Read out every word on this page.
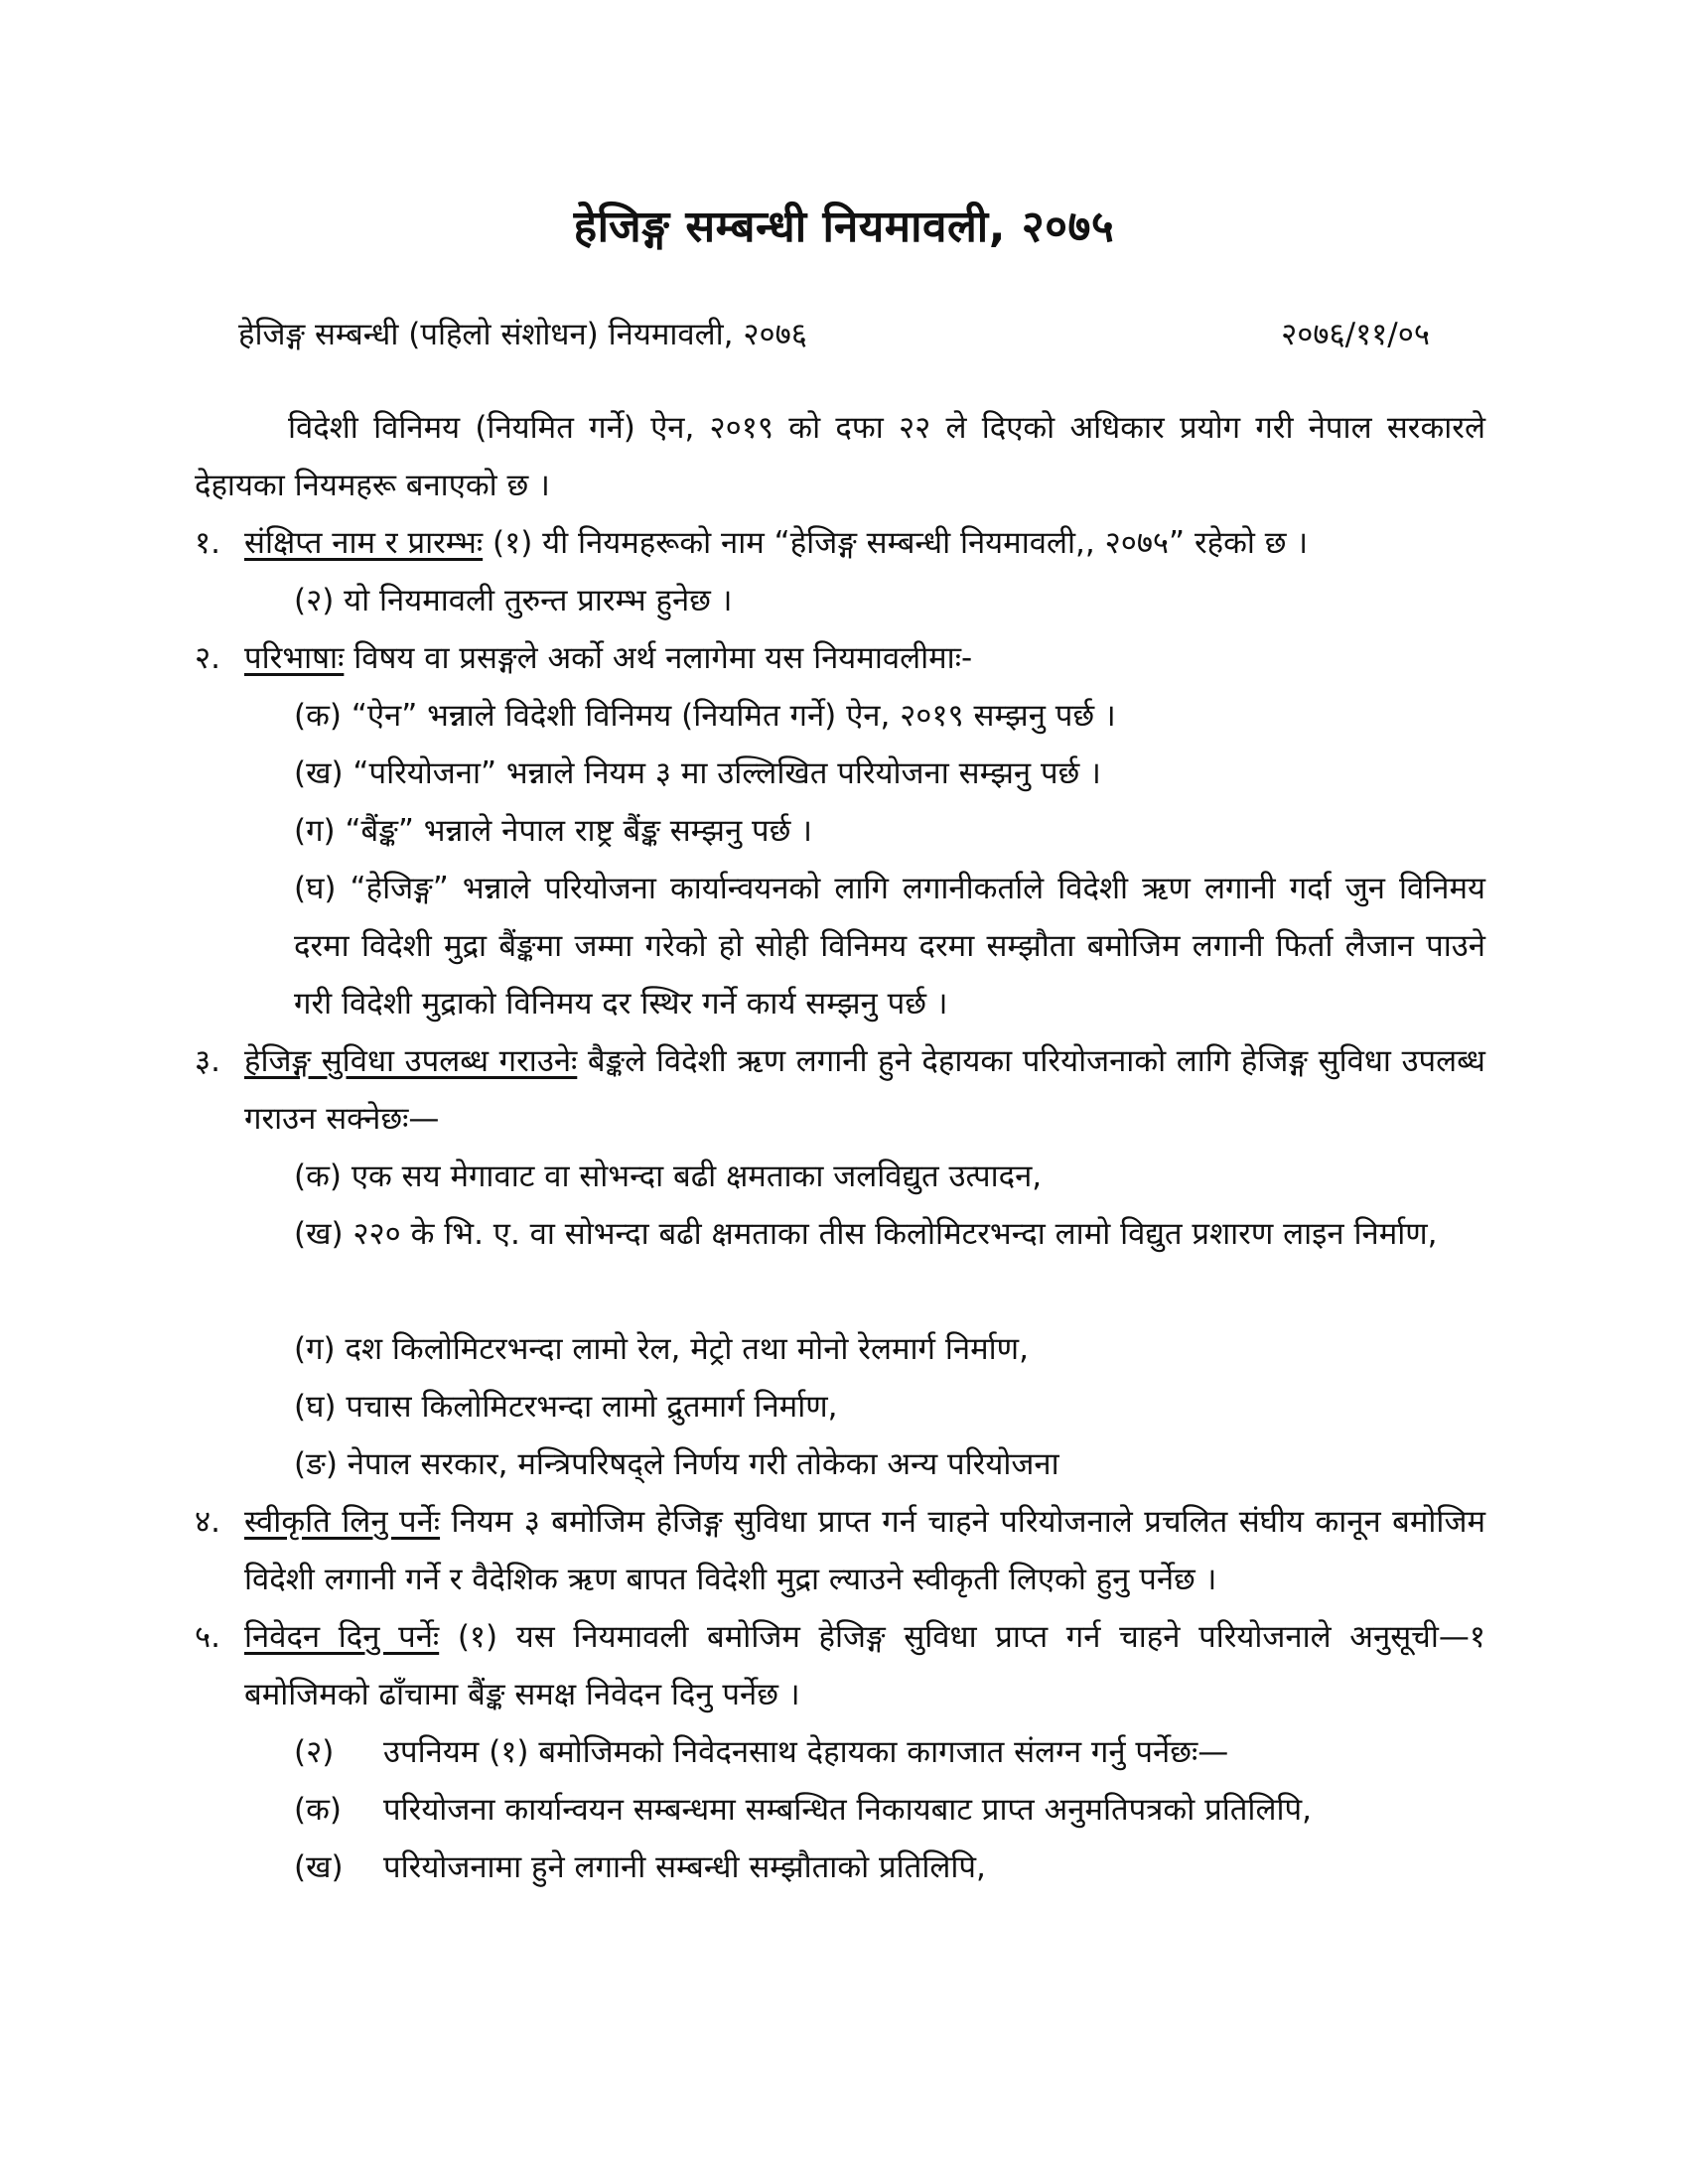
हेजिङ्ग सम्बन्धी नियमावली, २०७५
हेजिङ्ग सम्बन्धी (पहिलो संशोधन) नियमावली, २०७६	२०७६/११/०५
विदेशी विनिमय (नियमित गर्ने) ऐन, २०१९ को दफा २२ ले दिएको अधिकार प्रयोग गरी नेपाल सरकारले देहायका नियमहरू बनाएको छ ।
१. संक्षिप्त नाम र प्रारम्भः (१) यी नियमहरूको नाम “हेजिङ्ग सम्बन्धी नियमावली,, २०७५” रहेको छ ।
(२) यो नियमावली तुरुन्त प्रारम्भ हुनेछ ।
२. परिभाषाः विषय वा प्रसङ्गले अर्को अर्थ नलागेमा यस नियमावलीमाः-
(क) “ऐन” भन्नाले विदेशी विनिमय (नियमित गर्ने) ऐन, २०१९ सम्झनु पर्छ ।
(ख) “परियोजना” भन्नाले नियम ३ मा उल्लिखित परियोजना सम्झनु पर्छ ।
(ग) “बैंङ्क” भन्नाले नेपाल राष्ट्र बैंङ्क सम्झनु पर्छ ।
(घ) “हेजिङ्ग” भन्नाले परियोजना कार्यान्वयनको लागि लगानीकर्ताले विदेशी ऋण लगानी गर्दा जुन विनिमय दरमा विदेशी मुद्रा बैंङ्कमा जम्मा गरेको हो सोही विनिमय दरमा सम्झौता बमोजिम लगानी फिर्ता लैजान पाउने गरी विदेशी मुद्राको विनिमय दर स्थिर गर्ने कार्य सम्झनु पर्छ ।
३. हेजिङ्ग सुविधा उपलब्ध गराउनेः बैङ्कले विदेशी ऋण लगानी हुने देहायका परियोजनाको लागि हेजिङ्ग सुविधा उपलब्ध गराउन सक्नेछः—
(क) एक सय मेगावाट वा सोभन्दा बढी क्षमताका जलविद्युत उत्पादन,
(ख) २२० के भि. ए. वा सोभन्दा बढी क्षमताका तीस किलोमिटरभन्दा लामो विद्युत प्रशारण लाइन निर्माण,
(ग) दश किलोमिटरभन्दा लामो रेल, मेट्रो तथा मोनो रेलमार्ग निर्माण,
(घ) पचास किलोमिटरभन्दा लामो द्रुतमार्ग निर्माण,
(ङ) नेपाल सरकार, मन्त्रिपरिषद्ले निर्णय गरी तोकेका अन्य परियोजना
४. स्वीकृति लिनु पर्नेः नियम ३ बमोजिम हेजिङ्ग सुविधा प्राप्त गर्न चाहने परियोजनाले प्रचलित संघीय कानून बमोजिम विदेशी लगानी गर्ने र वैदेशिक ऋण बापत विदेशी मुद्रा ल्याउने स्वीकृती लिएको हुनु पर्नेछ ।
५. निवेदन दिनु पर्नेः (१) यस नियमावली बमोजिम हेजिङ्ग सुविधा प्राप्त गर्न चाहने परियोजनाले अनुसूची—१ बमोजिमको ढाँचामा बैंङ्क समक्ष निवेदन दिनु पर्नेछ ।
(२) उपनियम (१) बमोजिमको निवेदनसाथ देहायका कागजात संलग्न गर्नु पर्नेछः—
(क) परियोजना कार्यान्वयन सम्बन्धमा सम्बन्धित निकायबाट प्राप्त अनुमतिपत्रको प्रतिलिपि,
(ख) परियोजनामा हुने लगानी सम्बन्धी सम्झौताको प्रतिलिपि,
